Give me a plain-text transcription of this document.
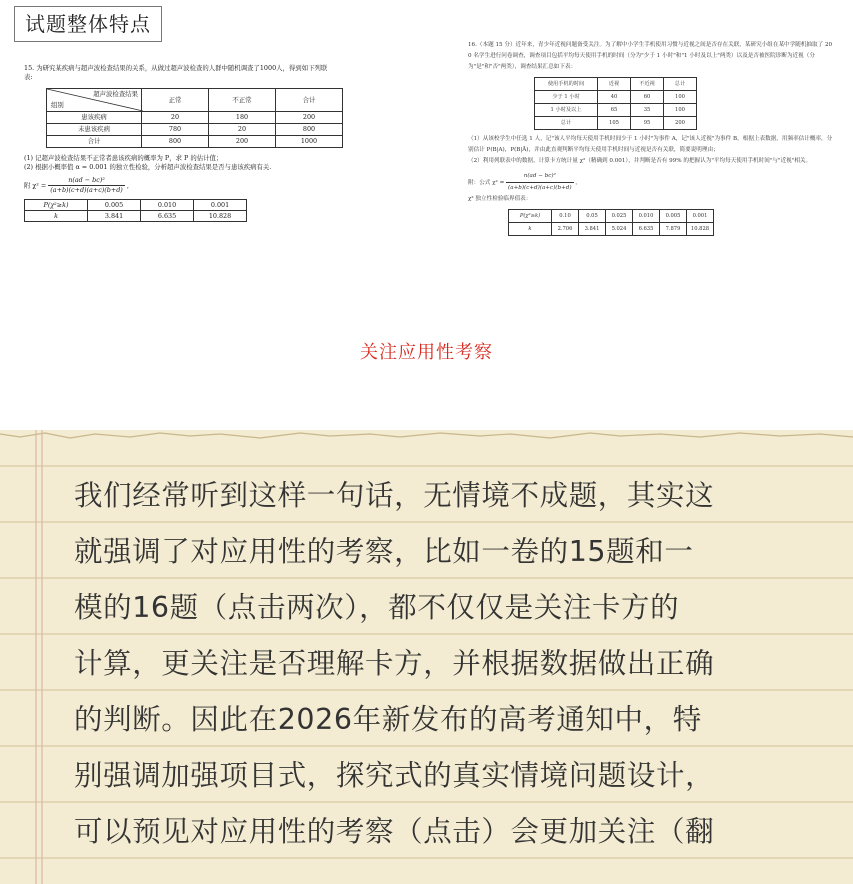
试题整体特点
15. 为研究某疾病与超声波检查结果的关系，从做过超声波检查的人群中随机调查了1000人，得到如下列联
表:
超声波检查结果
组别	正常	不正常	合计
患该疾病	20	180	200
未患该疾病	780	20	800
合计	800	200	1000
(1) 记超声波检查结果不正常者患该疾病的概率为 P，求 P 的估计值；
(2) 根据小概率值 α = 0.001 的独立性检验，分析超声波检查结果是否与患该疾病有关.
附 $\chi^2 = \frac{\text{n(ad − bc)²}}{(a+b)(c+d)(a+c)(b+d)}$ ,
P(χ²≥k)	0.005	0.010	0.001
k	3.841	6.635	10.828
16.（本题 15 分）近年来，青少年近视问题备受关注。为了解中小学生手机使用习惯与近视之间是否存在关联，某研究小组在某中学随机抽取了 200 名学生进行问卷调查，调查项目包括平均每天使用手机的时间（分为"少于 1 小时"和"1 小时及以上"两类）以及是否被医院诊断为近视（分为"是"和"否"两类），调查结果汇总如下表：
使用手机的时间	近视	不近视	总计
少于 1 小时	40	60	100
1 小时及以上	65	35	100
总计	105	95	200
（1）从该校学生中任选 1 人，记"该人平均每天使用手机时间少于 1 小时"为事件 A，记"该人近视"为事件 B，根据上表数据，用频率估计概率，分别估计 P(B|A)，P(B|Ā)，并由此直观判断平均每天使用手机时间与近视是否有关联，简要说明理由；
（2）利用列联表中的数据，计算卡方统计量 χ²（精确到 0.001），并判断是否有 99% 的把握认为"平均每天使用手机时间"与"近视"相关。
附：公式 $\chi^2 = \frac{\text{n(ad − bc)²}}{(a+b)(c+d)(a+c)(b+d)}$ ，
χ² 独立性检验临界值表：
P(χ²≥k)	0.10	0.05	0.025	0.010	0.005	0.001
k	2.706	3.841	5.024	6.635	7.879	10.828
关注应用性考察
我们经常听到这样一句话，无情境不成题，其实这
就强调了对应用性的考察，比如一卷的15题和一
模的16题（点击两次），都不仅仅是关注卡方的
计算，更关注是否理解卡方，并根据数据做出正确
的判断。因此在2026年新发布的高考通知中，特
别强调加强项目式，探究式的真实情境问题设计，
可以预见对应用性的考察（点击）会更加关注（翻
